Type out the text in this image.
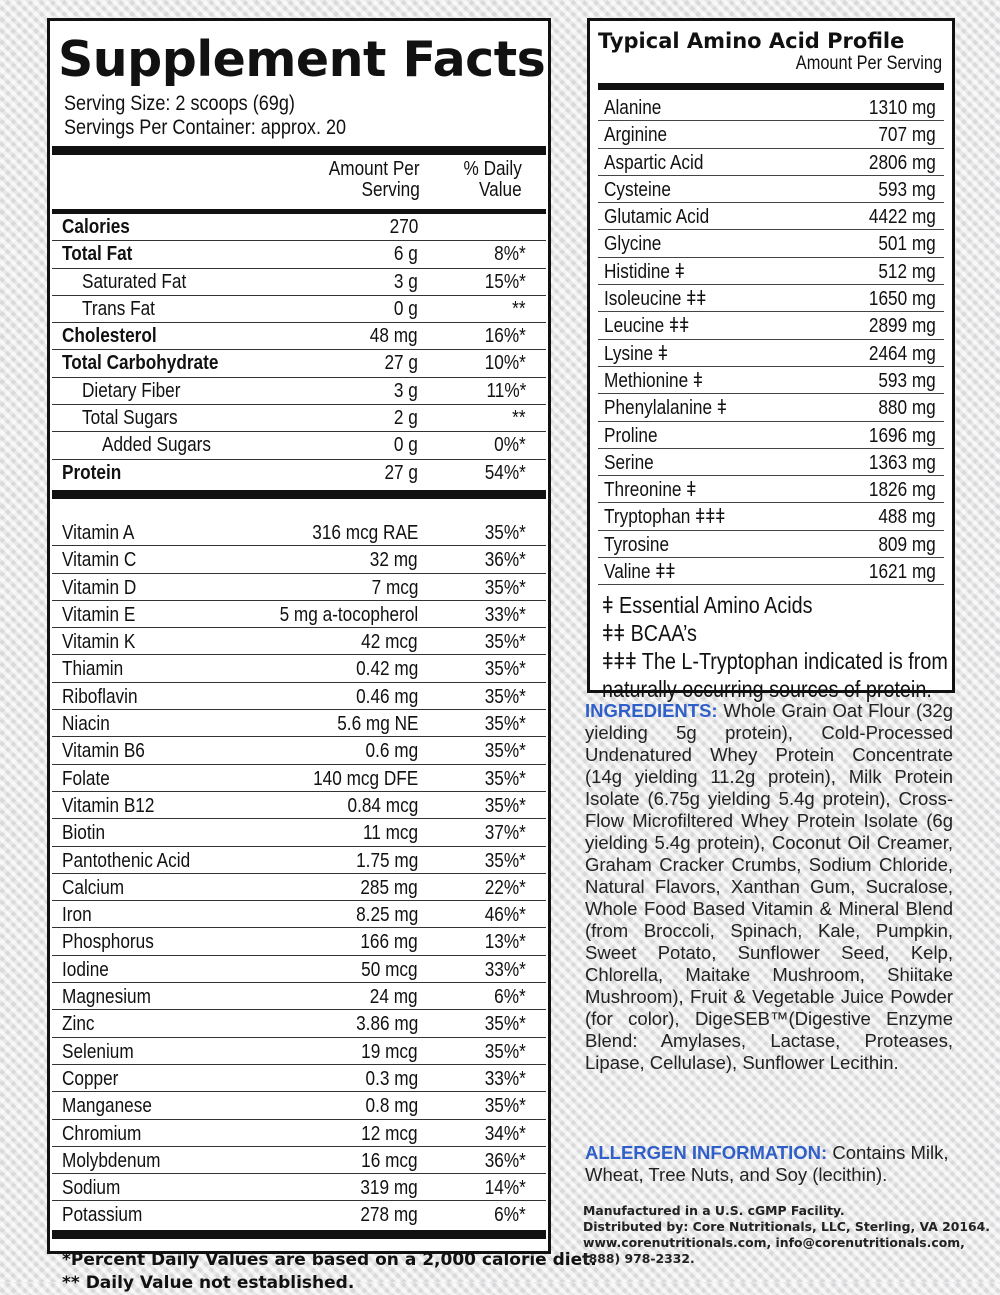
Supplement Facts
Serving Size: 2 scoops (69g)
Servings Per Container: approx. 20
Amount Per
Serving
% Daily
Value
Calories	270
Total Fat	6 g	8%*
Saturated Fat	3 g	15%*
Trans Fat	0 g	**
Cholesterol	48 mg	16%*
Total Carbohydrate	27 g	10%*
Dietary Fiber	3 g	11%*
Total Sugars	2 g	**
Added Sugars	0 g	0%*
Protein	27 g	54%*
Vitamin A	316 mcg RAE	35%*
Vitamin C	32 mg	36%*
Vitamin D	7 mcg	35%*
Vitamin E	5 mg a-tocopherol	33%*
Vitamin K	42 mcg	35%*
Thiamin	0.42 mg	35%*
Riboflavin	0.46 mg	35%*
Niacin	5.6 mg NE	35%*
Vitamin B6	0.6 mg	35%*
Folate	140 mcg DFE	35%*
Vitamin B12	0.84 mcg	35%*
Biotin	11 mcg	37%*
Pantothenic Acid	1.75 mg	35%*
Calcium	285 mg	22%*
Iron	8.25 mg	46%*
Phosphorus	166 mg	13%*
Iodine	50 mcg	33%*
Magnesium	24 mg	6%*
Zinc	3.86 mg	35%*
Selenium	19 mcg	35%*
Copper	0.3 mg	33%*
Manganese	0.8 mg	35%*
Chromium	12 mcg	34%*
Molybdenum	16 mcg	36%*
Sodium	319 mg	14%*
Potassium	278 mg	6%*
*Percent Daily Values are based on a 2,000 calorie diet.
** Daily Value not established.
Typical Amino Acid Profile
Amount Per Serving
Alanine	1310 mg
Arginine	707 mg
Aspartic Acid	2806 mg
Cysteine	593 mg
Glutamic Acid	4422 mg
Glycine	501 mg
Histidine ǂ	512 mg
Isoleucine ǂǂ	1650 mg
Leucine ǂǂ	2899 mg
Lysine ǂ	2464 mg
Methionine ǂ	593 mg
Phenylalanine ǂ	880 mg
Proline	1696 mg
Serine	1363 mg
Threonine ǂ	1826 mg
Tryptophan ǂǂǂ	488 mg
Tyrosine	809 mg
Valine ǂǂ	1621 mg
ǂ Essential Amino Acids
ǂǂ BCAA’s
ǂǂǂ The L-Tryptophan indicated is from
naturally occurring sources of protein.
INGREDIENTS: Whole Grain Oat Flour (32g yielding 5g protein), Cold-Processed Undenatured Whey Protein Concentrate (14g yielding 11.2g protein), Milk Protein Isolate (6.75g yielding 5.4g protein), Cross-Flow Microfiltered Whey Protein Isolate (6g yielding 5.4g protein), Coconut Oil Creamer, Graham Cracker Crumbs, Sodium Chloride, Natural Flavors, Xanthan Gum, Sucralose, Whole Food Based Vitamin & Mineral Blend (from Broccoli, Spinach, Kale, Pumpkin, Sweet Potato, Sunflower Seed, Kelp, Chlorella, Maitake Mushroom, Shiitake Mushroom), Fruit & Vegetable Juice Powder (for color), DigeSEB™(Digestive Enzyme Blend: Amylases, Lactase, Proteases, Lipase, Cellulase), Sunflower Lecithin.
ALLERGEN INFORMATION: Contains Milk, Wheat, Tree Nuts, and Soy (lecithin).
Manufactured in a U.S. cGMP Facility.
Distributed by: Core Nutritionals, LLC, Sterling, VA 20164.
www.corenutritionals.com, info@corenutritionals.com,
(888) 978-2332.
